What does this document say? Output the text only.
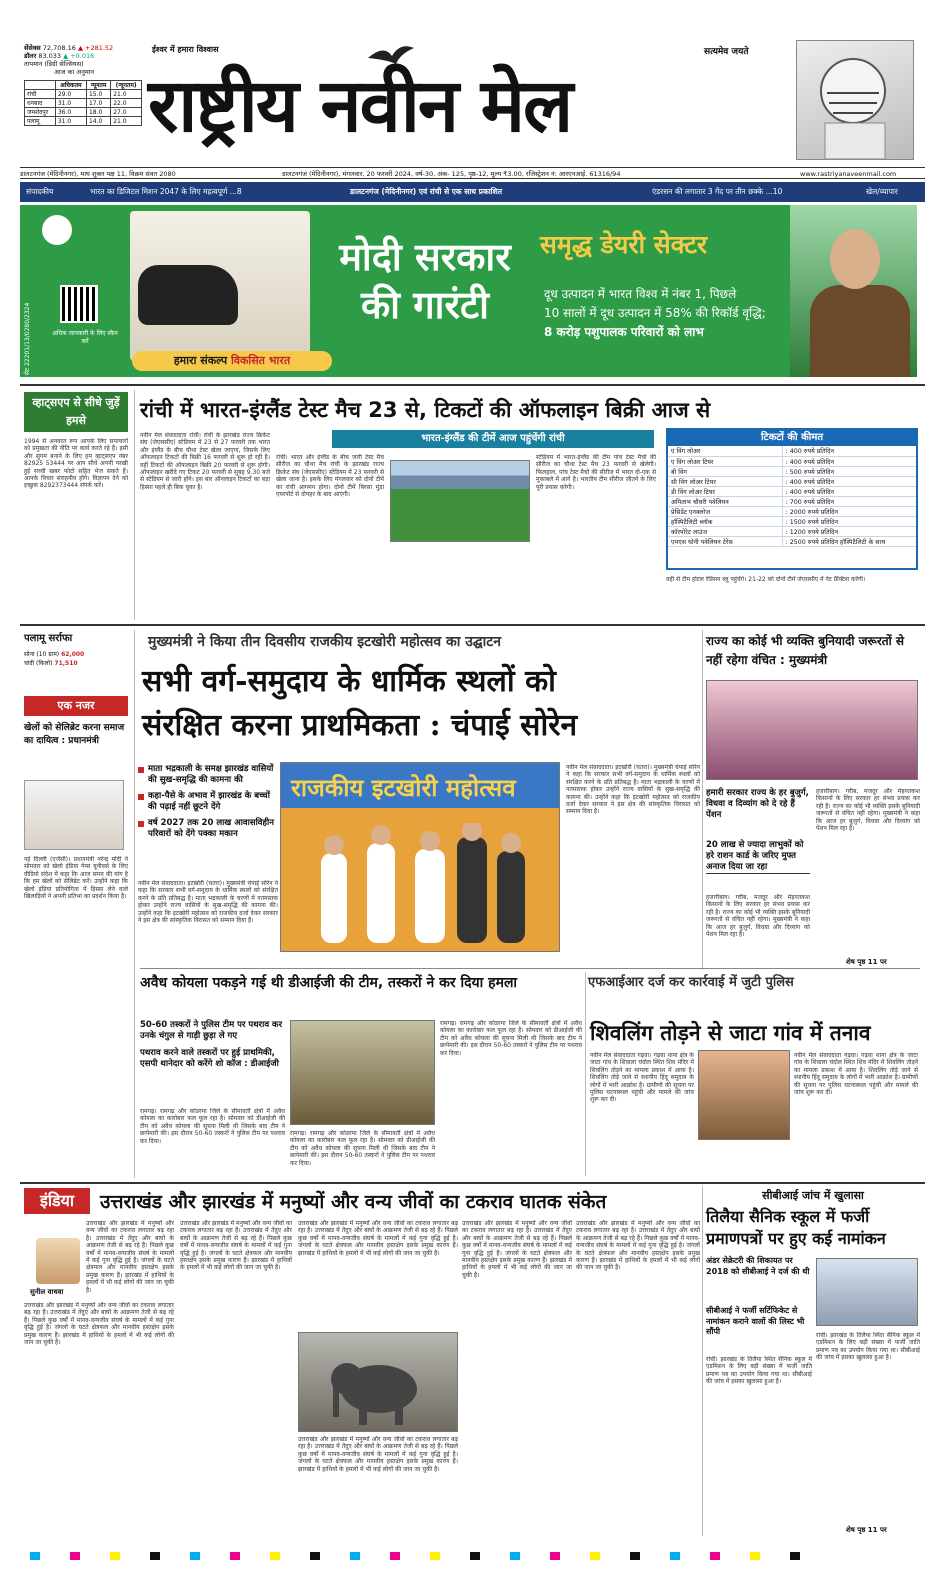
सेंसेक्स 72,708.16 ▲ +281.52
डॉलर 83.033 ▲ +0.016
तापमान (डिग्री सेल्सियस)
आज का अनुमान
	अधिकतम	न्यूनतम	(न्यूनतम)
रांची	29.0	15.0	21.0
धनबाद	31.0	17.0	22.0
जमशेदपुर	36.0	18.0	27.0
पलामू	31.0	14.0	21.0
ईश्वर में हमारा विश्वास
राष्ट्रीय नवीन मेल
सत्यमेव जयते
डालटनगंज (मेदिनीनगर), माघ शुक्ल पक्ष 11, विक्रम संवत 2080	डालटनगंज (मेदिनीनगर), मंगलवार, 20 फरवरी 2024, वर्ष-30, अंक- 125, पृष्ठ-12, मूल्य ₹3.00, रजिस्ट्रेशन नं: आरएनआई. 61316/94	www.rastriyanaveenmail.com
संपादकीय	भारत का डिजिटल मिशन 2047 के लिए महत्वपूर्ण ...8	डालटनगंज (मेदिनीनगर) एवं रांची से एक साथ प्रकाशित	एंडरसन की लगातार 3 गेंद पर तीन छक्के ...10	खेल/व्यापार
सेट 22201/13/0280/2324	अधिक जानकारी के लिए स्कैन करें
हमारा संकल्प विकसित भारत
मोदी सरकार
की गारंटी
समृद्ध डेयरी सेक्टर
दूध उत्पादन में भारत विश्व में नंबर 1, पिछले
10 सालों में दूध उत्पादन में 58% की रिकॉर्ड वृद्धि;
8 करोड़ पशुपालक परिवारों को लाभ
व्हाट्सएप से सीधे जुड़ें हमसे
1994 से अनवरत रूप आपके लिए समाचारों को प्रमुखता की नीति पर कार्य करते रहे हैं। इसी और सुगम बनाने के लिए हम व्हाट्सएप नंबर 82925 53444 पर आप सीधे अपनी परखी हुई सच्ची खबर फोटो सहित भेज सकते हैं। आपके विचार सराहनीय होंगे। विज्ञापन देने को इच्छुक 8292373444 संपर्क करें।
रांची में भारत-इंग्लैंड टेस्ट मैच 23 से, टिकटों की ऑफलाइन बिक्री आज से
नवीन मेल संवाददाता रांची। रांची के झारखंड राज्य क्रिकेट संघ (जेएससीए) स्टेडियम में 23 से 27 फरवरी तक भारत और इंग्लैंड के बीच चौथा टेस्ट खेला जाएगा, जिसके लिए ऑफलाइन टिकटों की बिक्री 16 फरवरी से शुरू हो रही है। वहीं टिकटों की ऑफलाइन बिक्री 20 फरवरी से शुरू होगी। ऑफलाइन खरीदे गए टिकट 20 फरवरी से सुबह 9.30 बजे से स्टेडियम से जारी होंगे। इस बार ऑनलाइन टिकटों का बड़ा हिस्सा पहले ही बिक चुका है।
भारत-इंग्लैंड की टीमें आज पहुंचेंगी रांची
रांची। भारत और इंग्लैंड के बीच जारी टेस्ट मैच सीरीज का चौथा मैच रांची के झारखंड राज्य क्रिकेट संघ (जेएससीए) स्टेडियम में 23 फरवरी से खेला जाना है। इसके लिए मंगलवार को दोनों टीमें का रांची आगमन होगा। दोनों टीमें बिरसा मुंडा एयरपोर्ट से दोपहर के बाद आएंगी।
स्टेडियम में भारत-इंग्लैंड की टीम पांच टेस्ट मैचों की सीरीज का चौथा टेस्ट मैच 23 फरवरी से खेलेगी। फिलहाल, पांच टेस्ट मैचों की सीरीज में भारत दो-एक से मुकाबले में आगे है। भारतीय टीम सीरीज जीतने के लिए पूरी प्रयास करेगी।
टिकटों की कीमत
ए विंग लोअर	: 400 रुपये प्रतिदिन
ए विंग लोअर टियर	: 400 रुपये प्रतिदिन
बी विंग	: 500 रुपये प्रतिदिन
सी विंग लोअर टियर	: 400 रुपये प्रतिदिन
डी विंग लोअर टियर	: 400 रुपये प्रतिदिन
अमिताभ चौधरी पवेलियन	: 700 रुपये प्रतिदिन
प्रेसिडेंट एनक्लोज	: 2000 रुपये प्रतिदिन
हॉस्पिटैलिटी ब्लॉक	: 1500 रुपये प्रतिदिन
कॉरपोरेट लाउंज	: 1200 रुपये प्रतिदिन
एमएस धोनी पवेलियन टेरेस	: 2500 रुपये प्रतिदिन हॉस्पिटैलिटी के साथ
वहीं से टीम होटल रेडिसन ब्लू पहुंचेंगे। 21-22 को दोनों टीमें जेएससीए में नेट प्रैक्टिस करेंगी।
पलामू सर्राफा
सोना (10 ग्राम) 62,000
चांदी (किलो) 71,510
एक नजर
खेलों को सेलिब्रेट करना समाज का दायित्व : प्रधानमंत्री
नई दिल्ली (एजेंसी)। प्रधानमंत्री नरेन्द्र मोदी ने सोमवार को खेलो इंडिया गेम्स यूनीवर्स के लिए वीडियो संदेश में कहा कि आज समय की मांग है कि हम खेलों को सेलिब्रेट करें। उन्होंने कहा कि खेलो इंडिया प्रतियोगिता में हिस्सा लेने वाले खिलाड़ियों ने अपनी प्रतिभा का प्रदर्शन किया है।
मुख्यमंत्री ने किया तीन दिवसीय राजकीय इटखोरी महोत्सव का उद्घाटन
सभी वर्ग-समुदाय के धार्मिक स्थलों को
संरक्षित करना प्राथमिकता : चंपाई सोरेन
माता भद्रकाली के समक्ष झारखंड वासियों की सुख-समृद्धि की कामना की
कहा-पैसे के अभाव में झारखंड के बच्चों की पढ़ाई नहीं छूटने देंगे
वर्ष 2027 तक 20 लाख आवासविहीन परिवारों को देंगे पक्का मकान
नवीन मेल संवाददाता। इटखोरी (चतरा)। मुख्यमंत्री चंपाई सोरेन ने कहा कि सरकार सभी वर्ग-समुदाय के धार्मिक स्थलों को संरक्षित करने के प्रति प्रतिबद्ध है। माता भद्रकाली के चरणों में नतमस्तक होकर उन्होंने राज्य वासियों के सुख-समृद्धि की कामना की। उन्होंने कहा कि इटखोरी महोत्सव को राजकीय दर्जा देकर सरकार ने इस क्षेत्र की सांस्कृतिक विरासत को सम्मान दिया है।
राजकीय इटखोरी महोत्सव
नवीन मेल संवाददाता। इटखोरी (चतरा)। मुख्यमंत्री चंपाई सोरेन ने कहा कि सरकार सभी वर्ग-समुदाय के धार्मिक स्थलों को संरक्षित करने के प्रति प्रतिबद्ध है। माता भद्रकाली के चरणों में नतमस्तक होकर उन्होंने राज्य वासियों के सुख-समृद्धि की कामना की। उन्होंने कहा कि इटखोरी महोत्सव को राजकीय दर्जा देकर सरकार ने इस क्षेत्र की सांस्कृतिक विरासत को सम्मान दिया है।
राज्य का कोई भी व्यक्ति बुनियादी जरूरतों से नहीं रहेगा वंचित : मुख्यमंत्री
हमारी सरकार राज्य के हर बुजुर्ग, विधवा व दिव्यांग को दे रहे हैं पेंशन
20 लाख से ज्यादा लाभुकों को हरे राशन कार्ड के जरिए मुफ्त अनाज दिया जा रहा
हजारीबाग। गरीब, मजदूर और मेहनतकश किसानों के लिए सरकार हर संभव प्रयास कर रही है। राज्य का कोई भी व्यक्ति इसके बुनियादी जरूरतों से वंचित नहीं रहेगा। मुख्यमंत्री ने कहा कि आज हर बुजुर्ग, विधवा और दिव्यांग को पेंशन मिल रहा है।
हजारीबाग। गरीब, मजदूर और मेहनतकश किसानों के लिए सरकार हर संभव प्रयास कर रही है। राज्य का कोई भी व्यक्ति इसके बुनियादी जरूरतों से वंचित नहीं रहेगा। मुख्यमंत्री ने कहा कि आज हर बुजुर्ग, विधवा और दिव्यांग को पेंशन मिल रहा है।
शेष पृष्ठ 11 पर
अवैध कोयला पकड़ने गई थी डीआईजी की टीम, तस्करों ने कर दिया हमला
50-60 तस्करों ने पुलिस टीम पर पथराव कर उनके चंगुल से गाड़ी छुड़ा ले गए
पथराव करने वाले तस्करों पर हुई प्राथमिकी, एसपी थानेदार को करेंगे शो कॉज : डीआईजी
रामगढ़। रामगढ़ और कोडरमा जिले के सीमावर्ती क्षेत्रों में अवैध कोयला का कारोबार फल फूल रहा है। सोमवार को डीआईजी की टीम को अवैध कोयला की सूचना मिली थी जिसके बाद टीम ने छापेमारी की। इस दौरान 50-60 तस्करों ने पुलिस टीम पर पथराव कर दिया।
रामगढ़। रामगढ़ और कोडरमा जिले के सीमावर्ती क्षेत्रों में अवैध कोयला का कारोबार फल फूल रहा है। सोमवार को डीआईजी की टीम को अवैध कोयला की सूचना मिली थी जिसके बाद टीम ने छापेमारी की। इस दौरान 50-60 तस्करों ने पुलिस टीम पर पथराव कर दिया।
रामगढ़। रामगढ़ और कोडरमा जिले के सीमावर्ती क्षेत्रों में अवैध कोयला का कारोबार फल फूल रहा है। सोमवार को डीआईजी की टीम को अवैध कोयला की सूचना मिली थी जिसके बाद टीम ने छापेमारी की। इस दौरान 50-60 तस्करों ने पुलिस टीम पर पथराव कर दिया।
एफआईआर दर्ज कर कार्रवाई में जुटी पुलिस
शिवलिंग तोड़ने से जाटा गांव में तनाव
नवीन मेल संवाददाता गढ़वा। गढ़वा थाना क्षेत्र के जाटा गांव के शिवाला चंदोल स्थित शिव मंदिर में शिवलिंग तोड़ने का मामला प्रकाश में आया है। शिवलिंग तोड़े जाने से स्थानीय हिंदू समुदाय के लोगों में भारी आक्रोश है। ग्रामीणों की सूचना पर पुलिस घटनास्थल पहुंची और मामले की जांच शुरू कर दी।
नवीन मेल संवाददाता गढ़वा। गढ़वा थाना क्षेत्र के जाटा गांव के शिवाला चंदोल स्थित शिव मंदिर में शिवलिंग तोड़ने का मामला प्रकाश में आया है। शिवलिंग तोड़े जाने से स्थानीय हिंदू समुदाय के लोगों में भारी आक्रोश है। ग्रामीणों की सूचना पर पुलिस घटनास्थल पहुंची और मामले की जांच शुरू कर दी।
इंडिया	उत्तराखंड और झारखंड में मनुष्यों और वन्य जीवों का टकराव घातक संकेत
सुनील वाधवा
उत्तराखंड और झारखंड में मनुष्यों और वन्य जीवों का टकराव लगातार बढ़ रहा है। उत्तराखंड में तेंदुए और बाघों के आक्रमण तेजी से बढ़ रहे हैं। पिछले कुछ वर्षों में मानव-वन्यजीव संघर्ष के मामलों में कई गुना वृद्धि हुई है। जंगलों के घटते क्षेत्रफल और मानवीय हस्तक्षेप इसके प्रमुख कारण हैं। झारखंड में हाथियों के हमलों में भी कई लोगों की जान जा चुकी है।
उत्तराखंड और झारखंड में मनुष्यों और वन्य जीवों का टकराव लगातार बढ़ रहा है। उत्तराखंड में तेंदुए और बाघों के आक्रमण तेजी से बढ़ रहे हैं। पिछले कुछ वर्षों में मानव-वन्यजीव संघर्ष के मामलों में कई गुना वृद्धि हुई है। जंगलों के घटते क्षेत्रफल और मानवीय हस्तक्षेप इसके प्रमुख कारण हैं। झारखंड में हाथियों के हमलों में भी कई लोगों की जान जा चुकी है।
उत्तराखंड और झारखंड में मनुष्यों और वन्य जीवों का टकराव लगातार बढ़ रहा है। उत्तराखंड में तेंदुए और बाघों के आक्रमण तेजी से बढ़ रहे हैं। पिछले कुछ वर्षों में मानव-वन्यजीव संघर्ष के मामलों में कई गुना वृद्धि हुई है। जंगलों के घटते क्षेत्रफल और मानवीय हस्तक्षेप इसके प्रमुख कारण हैं। झारखंड में हाथियों के हमलों में भी कई लोगों की जान जा चुकी है।
उत्तराखंड और झारखंड में मनुष्यों और वन्य जीवों का टकराव लगातार बढ़ रहा है। उत्तराखंड में तेंदुए और बाघों के आक्रमण तेजी से बढ़ रहे हैं। पिछले कुछ वर्षों में मानव-वन्यजीव संघर्ष के मामलों में कई गुना वृद्धि हुई है। जंगलों के घटते क्षेत्रफल और मानवीय हस्तक्षेप इसके प्रमुख कारण हैं। झारखंड में हाथियों के हमलों में भी कई लोगों की जान जा चुकी है।
उत्तराखंड और झारखंड में मनुष्यों और वन्य जीवों का टकराव लगातार बढ़ रहा है। उत्तराखंड में तेंदुए और बाघों के आक्रमण तेजी से बढ़ रहे हैं। पिछले कुछ वर्षों में मानव-वन्यजीव संघर्ष के मामलों में कई गुना वृद्धि हुई है। जंगलों के घटते क्षेत्रफल और मानवीय हस्तक्षेप इसके प्रमुख कारण हैं। झारखंड में हाथियों के हमलों में भी कई लोगों की जान जा चुकी है।
उत्तराखंड और झारखंड में मनुष्यों और वन्य जीवों का टकराव लगातार बढ़ रहा है। उत्तराखंड में तेंदुए और बाघों के आक्रमण तेजी से बढ़ रहे हैं। पिछले कुछ वर्षों में मानव-वन्यजीव संघर्ष के मामलों में कई गुना वृद्धि हुई है। जंगलों के घटते क्षेत्रफल और मानवीय हस्तक्षेप इसके प्रमुख कारण हैं। झारखंड में हाथियों के हमलों में भी कई लोगों की जान जा चुकी है।
उत्तराखंड और झारखंड में मनुष्यों और वन्य जीवों का टकराव लगातार बढ़ रहा है। उत्तराखंड में तेंदुए और बाघों के आक्रमण तेजी से बढ़ रहे हैं। पिछले कुछ वर्षों में मानव-वन्यजीव संघर्ष के मामलों में कई गुना वृद्धि हुई है। जंगलों के घटते क्षेत्रफल और मानवीय हस्तक्षेप इसके प्रमुख कारण हैं। झारखंड में हाथियों के हमलों में भी कई लोगों की जान जा चुकी है।
सीबीआई जांच में खुलासा
तिलैया सैनिक स्कूल में फर्जी प्रमाणपत्रों पर हुए कई नामांकन
अंडर सेक्रेटरी की शिकायत पर 2018 को सीबीआई ने दर्ज की थी
सीबीआई ने फर्जी सर्टिफिकेट से नामांकन कराने वालों की लिस्ट भी सौंपी
रांची। झारखंड के तिलैया स्थित सैनिक स्कूल में एडमिशन के लिए बड़ी संख्या में फर्जी जाति प्रमाण पत्र का उपयोग किया गया था। सीबीआई की जांच में इसका खुलासा हुआ है।
रांची। झारखंड के तिलैया स्थित सैनिक स्कूल में एडमिशन के लिए बड़ी संख्या में फर्जी जाति प्रमाण पत्र का उपयोग किया गया था। सीबीआई की जांच में इसका खुलासा हुआ है।
शेष पृष्ठ 11 पर
